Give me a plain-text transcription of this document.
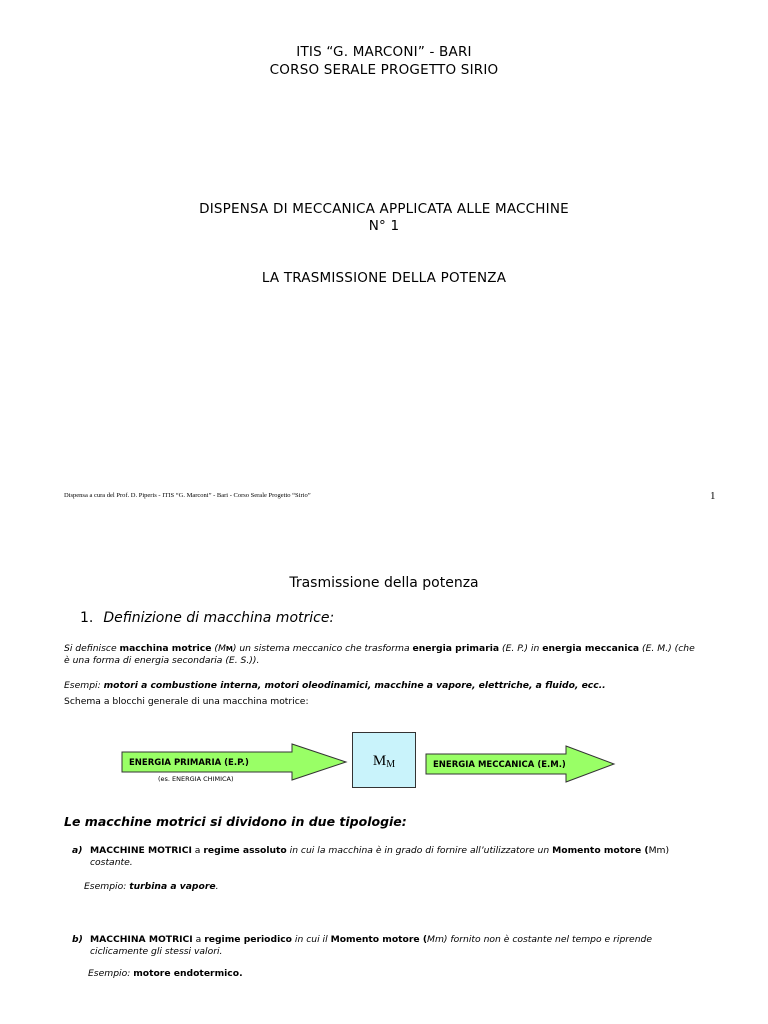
ITIS “G. MARCONI” - BARI
CORSO SERALE PROGETTO SIRIO
DISPENSA DI MECCANICA APPLICATA ALLE MACCHINE
N° 1
LA TRASMISSIONE DELLA POTENZA
Dispensa a cura del Prof. D. Piperis - ITIS “G. Marconi” - Bari - Corso Serale Progetto “Sirio”	1
Trasmissione della potenza
1. Definizione di macchina motrice:
Si definisce macchina motrice (MM) un sistema meccanico che trasforma energia primaria (E. P.) in energia meccanica (E. M.) (che
è una forma di energia secondaria (E. S.)).
Esempi: motori a combustione interna, motori oleodinamici, macchine a vapore, elettriche, a fluido, ecc..
Schema a blocchi generale di una macchina motrice:
ENERGIA PRIMARIA (E.P.)
(es. ENERGIA CHIMICA)
$M_M$	ENERGIA MECCANICA (E.M.)
Le macchine motrici si dividono in due tipologie:
a) MACCHINE MOTRICI a regime assoluto in cui la macchina è in grado di fornire all’utilizzatore un Momento motore (Mm)
costante.
Esempio: turbina a vapore.
b) MACCHINA MOTRICI a regime periodico in cui il Momento motore (Mm) fornito non è costante nel tempo e riprende
ciclicamente gli stessi valori.
Esempio: motore endotermico.
